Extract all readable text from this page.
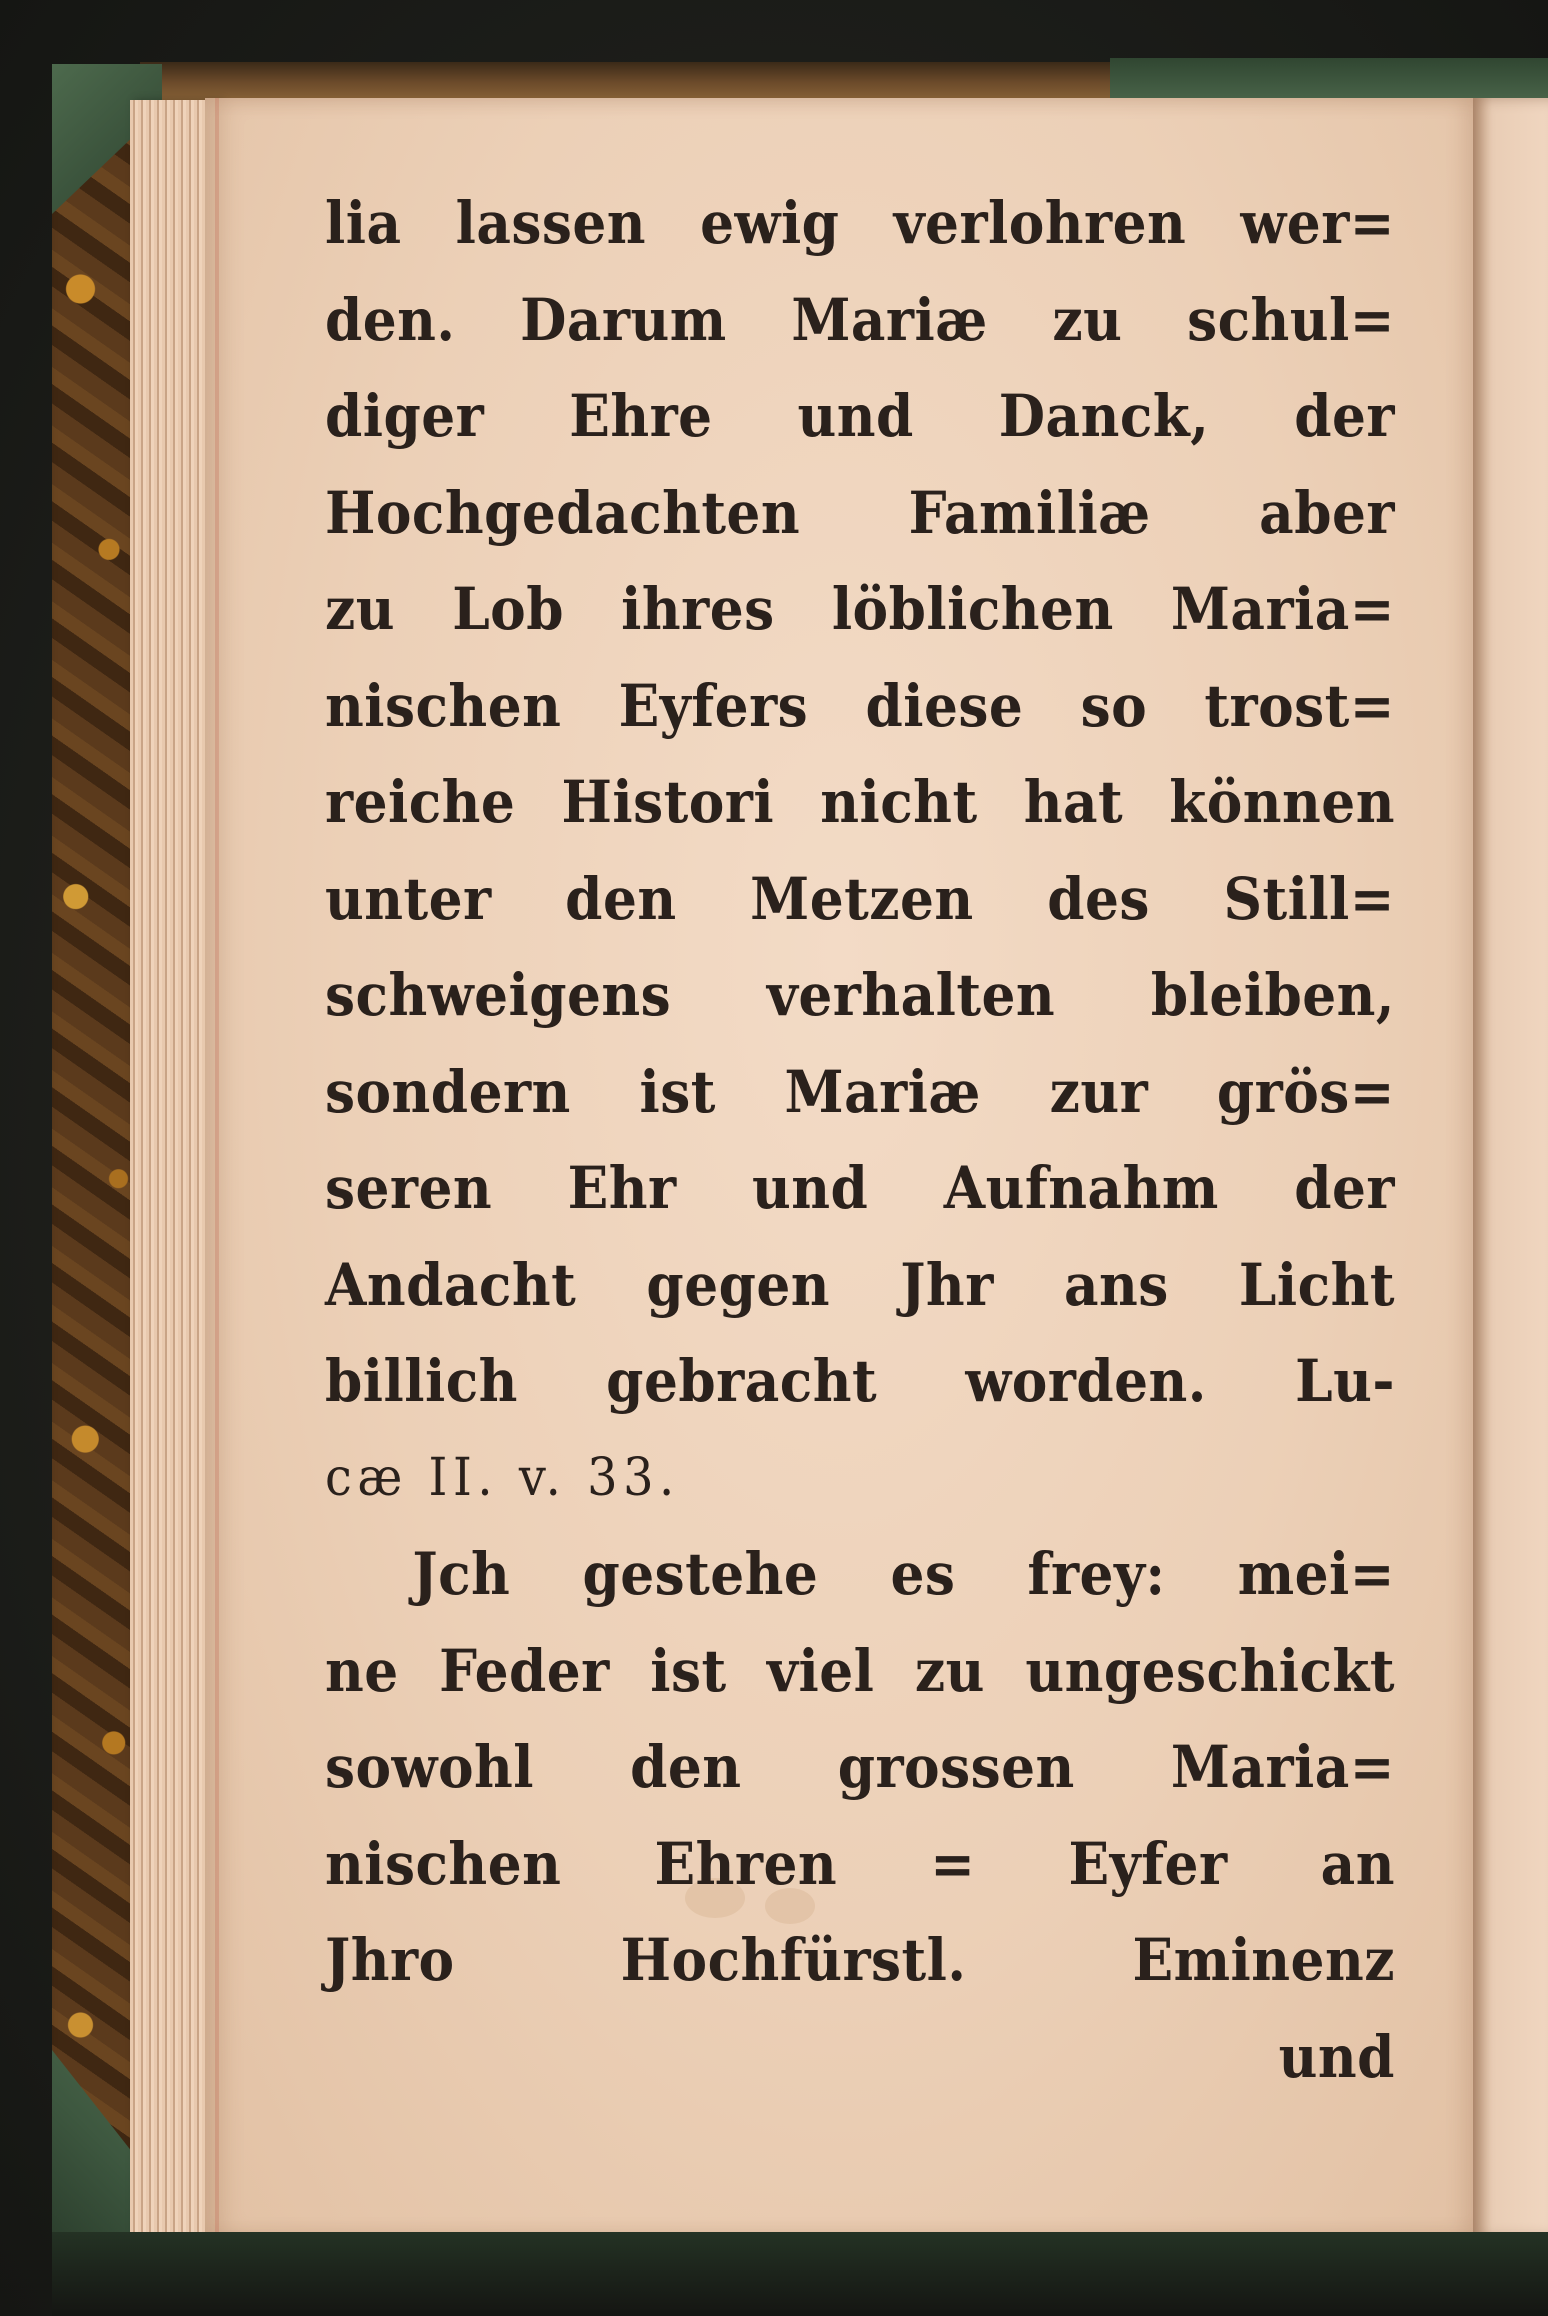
lia lassen ewig verlohren wer=
den. Darum Mariæ zu schul=
diger Ehre und Danck, der
Hochgedachten Familiæ aber
zu Lob ihres löblichen Maria=
nischen Eyfers diese so trost=
reiche Histori nicht hat können
unter den Metzen des Still=
schweigens verhalten bleiben,
sondern ist Mariæ zur grös=
seren Ehr und Aufnahm der
Andacht gegen Jhr ans Licht
billich gebracht worden. Lu-
cæ II. v. 33.
Jch gestehe es frey: mei=
ne Feder ist viel zu ungeschickt
sowohl den grossen Maria=
nischen Ehren = Eyfer an
Jhro Hochfürstl. Eminenz
und
